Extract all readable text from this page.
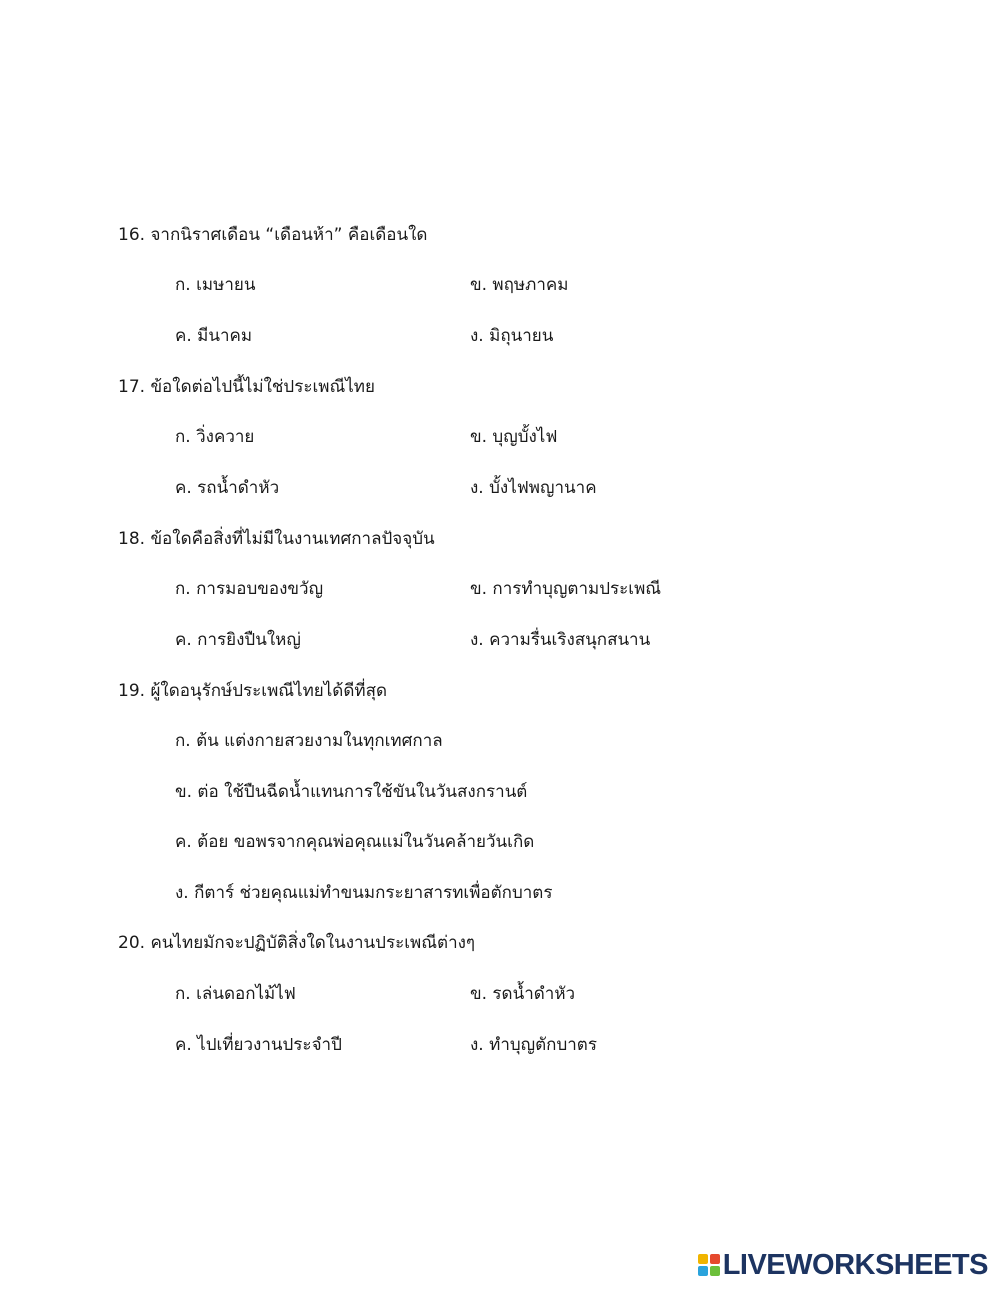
16. จากนิราศเดือน “เดือนห้า” คือเดือนใด
ก. เมษายน	ข. พฤษภาคม
ค. มีนาคม	ง. มิถุนายน
17. ข้อใดต่อไปนี้ไม่ใช่ประเพณีไทย
ก. วิ่งควาย	ข. บุญบั้งไฟ
ค. รถน้ำดำหัว	ง. บั้งไฟพญานาค
18. ข้อใดคือสิ่งที่ไม่มีในงานเทศกาลปัจจุบัน
ก. การมอบของขวัญ	ข. การทำบุญตามประเพณี
ค. การยิงปืนใหญ่	ง. ความรื่นเริงสนุกสนาน
19. ผู้ใดอนุรักษ์ประเพณีไทยได้ดีที่สุด
ก. ต้น แต่งกายสวยงามในทุกเทศกาล
ข. ต่อ ใช้ปืนฉีดน้ำแทนการใช้ขันในวันสงกรานต์
ค. ต้อย ขอพรจากคุณพ่อคุณแม่ในวันคล้ายวันเกิด
ง. กีตาร์ ช่วยคุณแม่ทำขนมกระยาสารทเพื่อตักบาตร
20. คนไทยมักจะปฏิบัติสิ่งใดในงานประเพณีต่างๆ
ก. เล่นดอกไม้ไฟ	ข. รดน้ำดำหัว
ค. ไปเที่ยวงานประจำปี	ง. ทำบุญตักบาตร
LIVEWORKSHEETS
